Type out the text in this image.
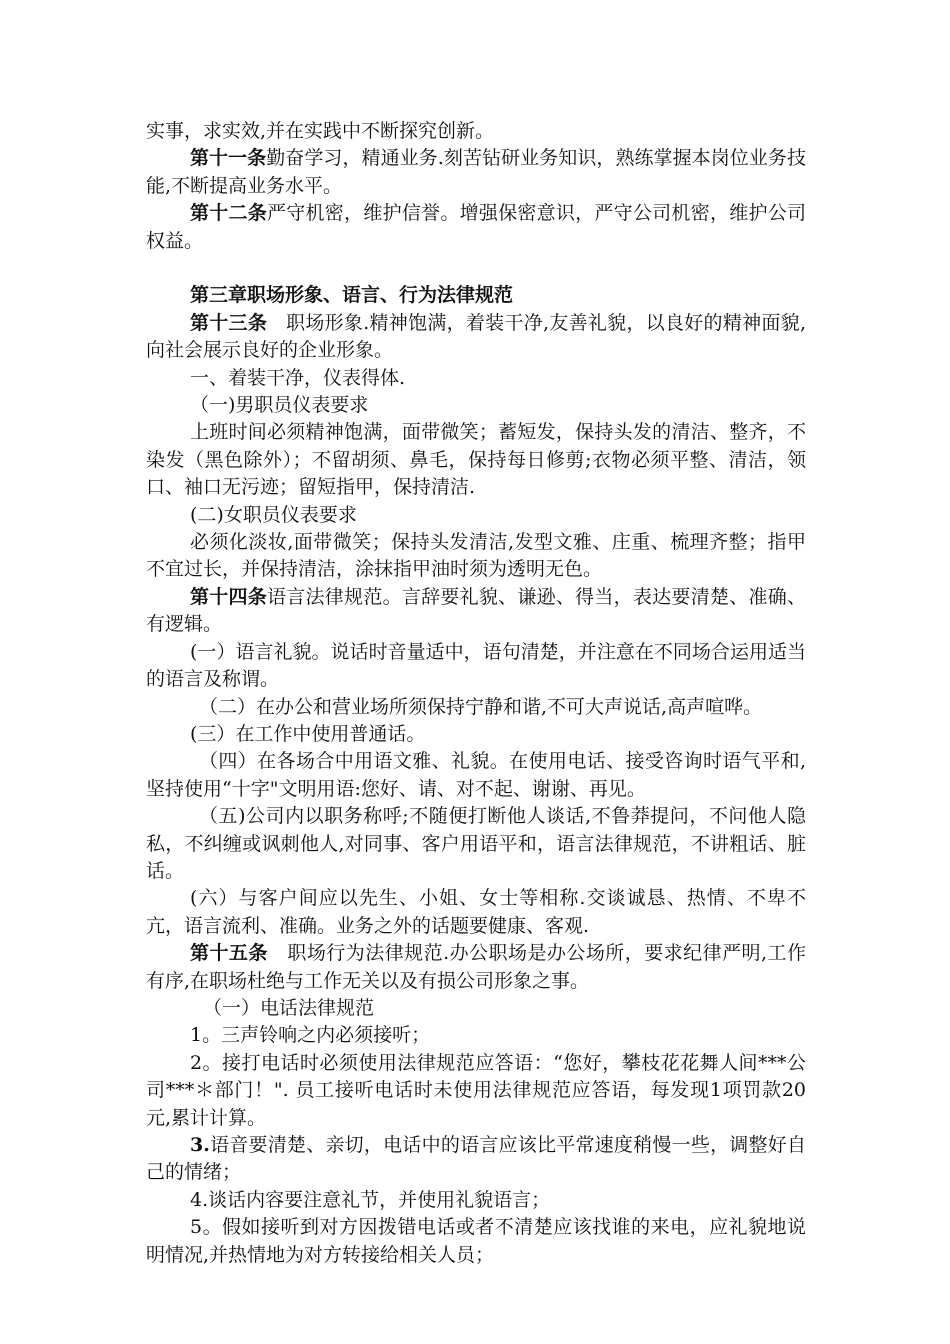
实事，求实效,并在实践中不断探究创新。

第十一条勤奋学习，精通业务.刻苦钻研业务知识，熟练掌握本岗位业务技能,不断提高业务水平。

第十二条严守机密，维护信誉。增强保密意识，严守公司机密，维护公司权益。

第三章职场形象、语言、行为法律规范

第十三条   职场形象.精神饱满，着装干净,友善礼貌，以良好的精神面貌,向社会展示良好的企业形象。

一、着装干净，仪表得体.

（一)男职员仪表要求

上班时间必须精神饱满，面带微笑；蓄短发，保持头发的清洁、整齐，不染发（黑色除外）；不留胡须、鼻毛，保持每日修剪;衣物必须平整、清洁，领口、袖口无污迹；留短指甲，保持清洁.

(二)女职员仪表要求

必须化淡妆,面带微笑；保持头发清洁,发型文雅、庄重、梳理齐整；指甲不宜过长，并保持清洁，涂抹指甲油时须为透明无色。

第十四条语言法律规范。言辞要礼貌、谦逊、得当，表达要清楚、准确、有逻辑。

(一）语言礼貌。说话时音量适中，语句清楚，并注意在不同场合运用适当的语言及称谓。

（二）在办公和营业场所须保持宁静和谐,不可大声说话,高声喧哗。

(三）在工作中使用普通话。

（四）在各场合中用语文雅、礼貌。在使用电话、接受咨询时语气平和,坚持使用“十字"文明用语:您好、请、对不起、谢谢、再见。

（五)公司内以职务称呼;不随便打断他人谈话,不鲁莽提问，不问他人隐私，不纠缠或讽刺他人,对同事、客户用语平和，语言法律规范，不讲粗话、脏话。

(六）与客户间应以先生、小姐、女士等相称.交谈诚恳、热情、不卑不亢，语言流利、准确。业务之外的话题要健康、客观.

第十五条   职场行为法律规范.办公职场是办公场所，要求纪律严明,工作有序,在职场杜绝与工作无关以及有损公司形象之事。

（一）电话法律规范

1。三声铃响之内必须接听；

2。接打电话时必须使用法律规范应答语：“您好，攀枝花花舞人间***公司***＊部门！". 员工接听电话时未使用法律规范应答语，每发现1项罚款20元,累计计算。

3.语音要清楚、亲切，电话中的语言应该比平常速度稍慢一些，调整好自己的情绪；

4.谈话内容要注意礼节，并使用礼貌语言；

5。假如接听到对方因拨错电话或者不清楚应该找谁的来电，应礼貌地说明情况,并热情地为对方转接给相关人员；
